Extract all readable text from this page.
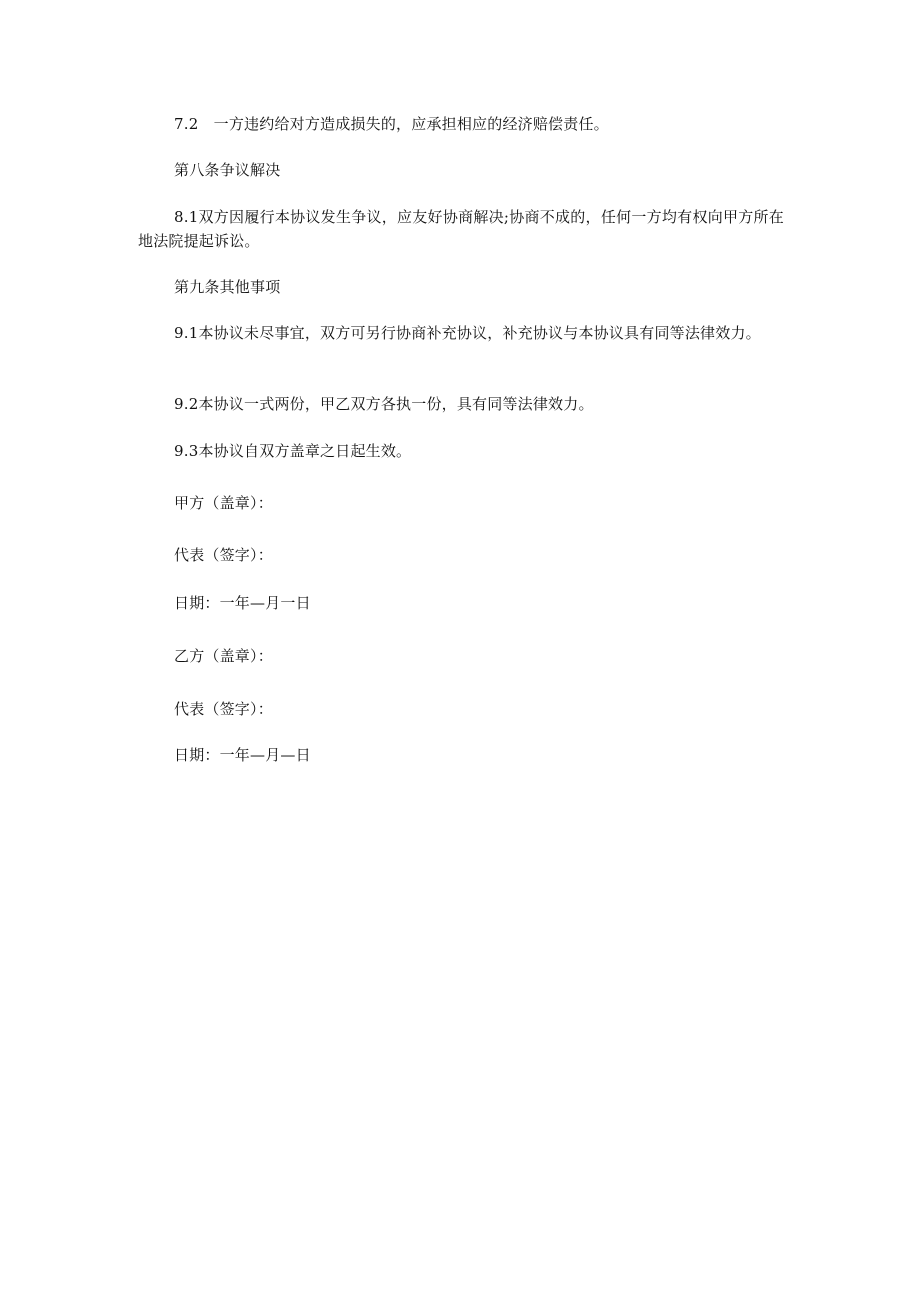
7.2　一方违约给对方造成损失的，应承担相应的经济赔偿责任。
第八条争议解决
8.1双方因履行本协议发生争议，应友好协商解决;协商不成的，任何一方均有权向甲方所在地法院提起诉讼。
第九条其他事项
9.1本协议未尽事宜，双方可另行协商补充协议，补充协议与本协议具有同等法律效力。
9.2本协议一式两份，甲乙双方各执一份，具有同等法律效力。
9.3本协议自双方盖章之日起生效。
甲方（盖章）：
代表（签字）：
日期：一年—月一日
乙方（盖章）：
代表（签字）：
日期：一年—月—日
